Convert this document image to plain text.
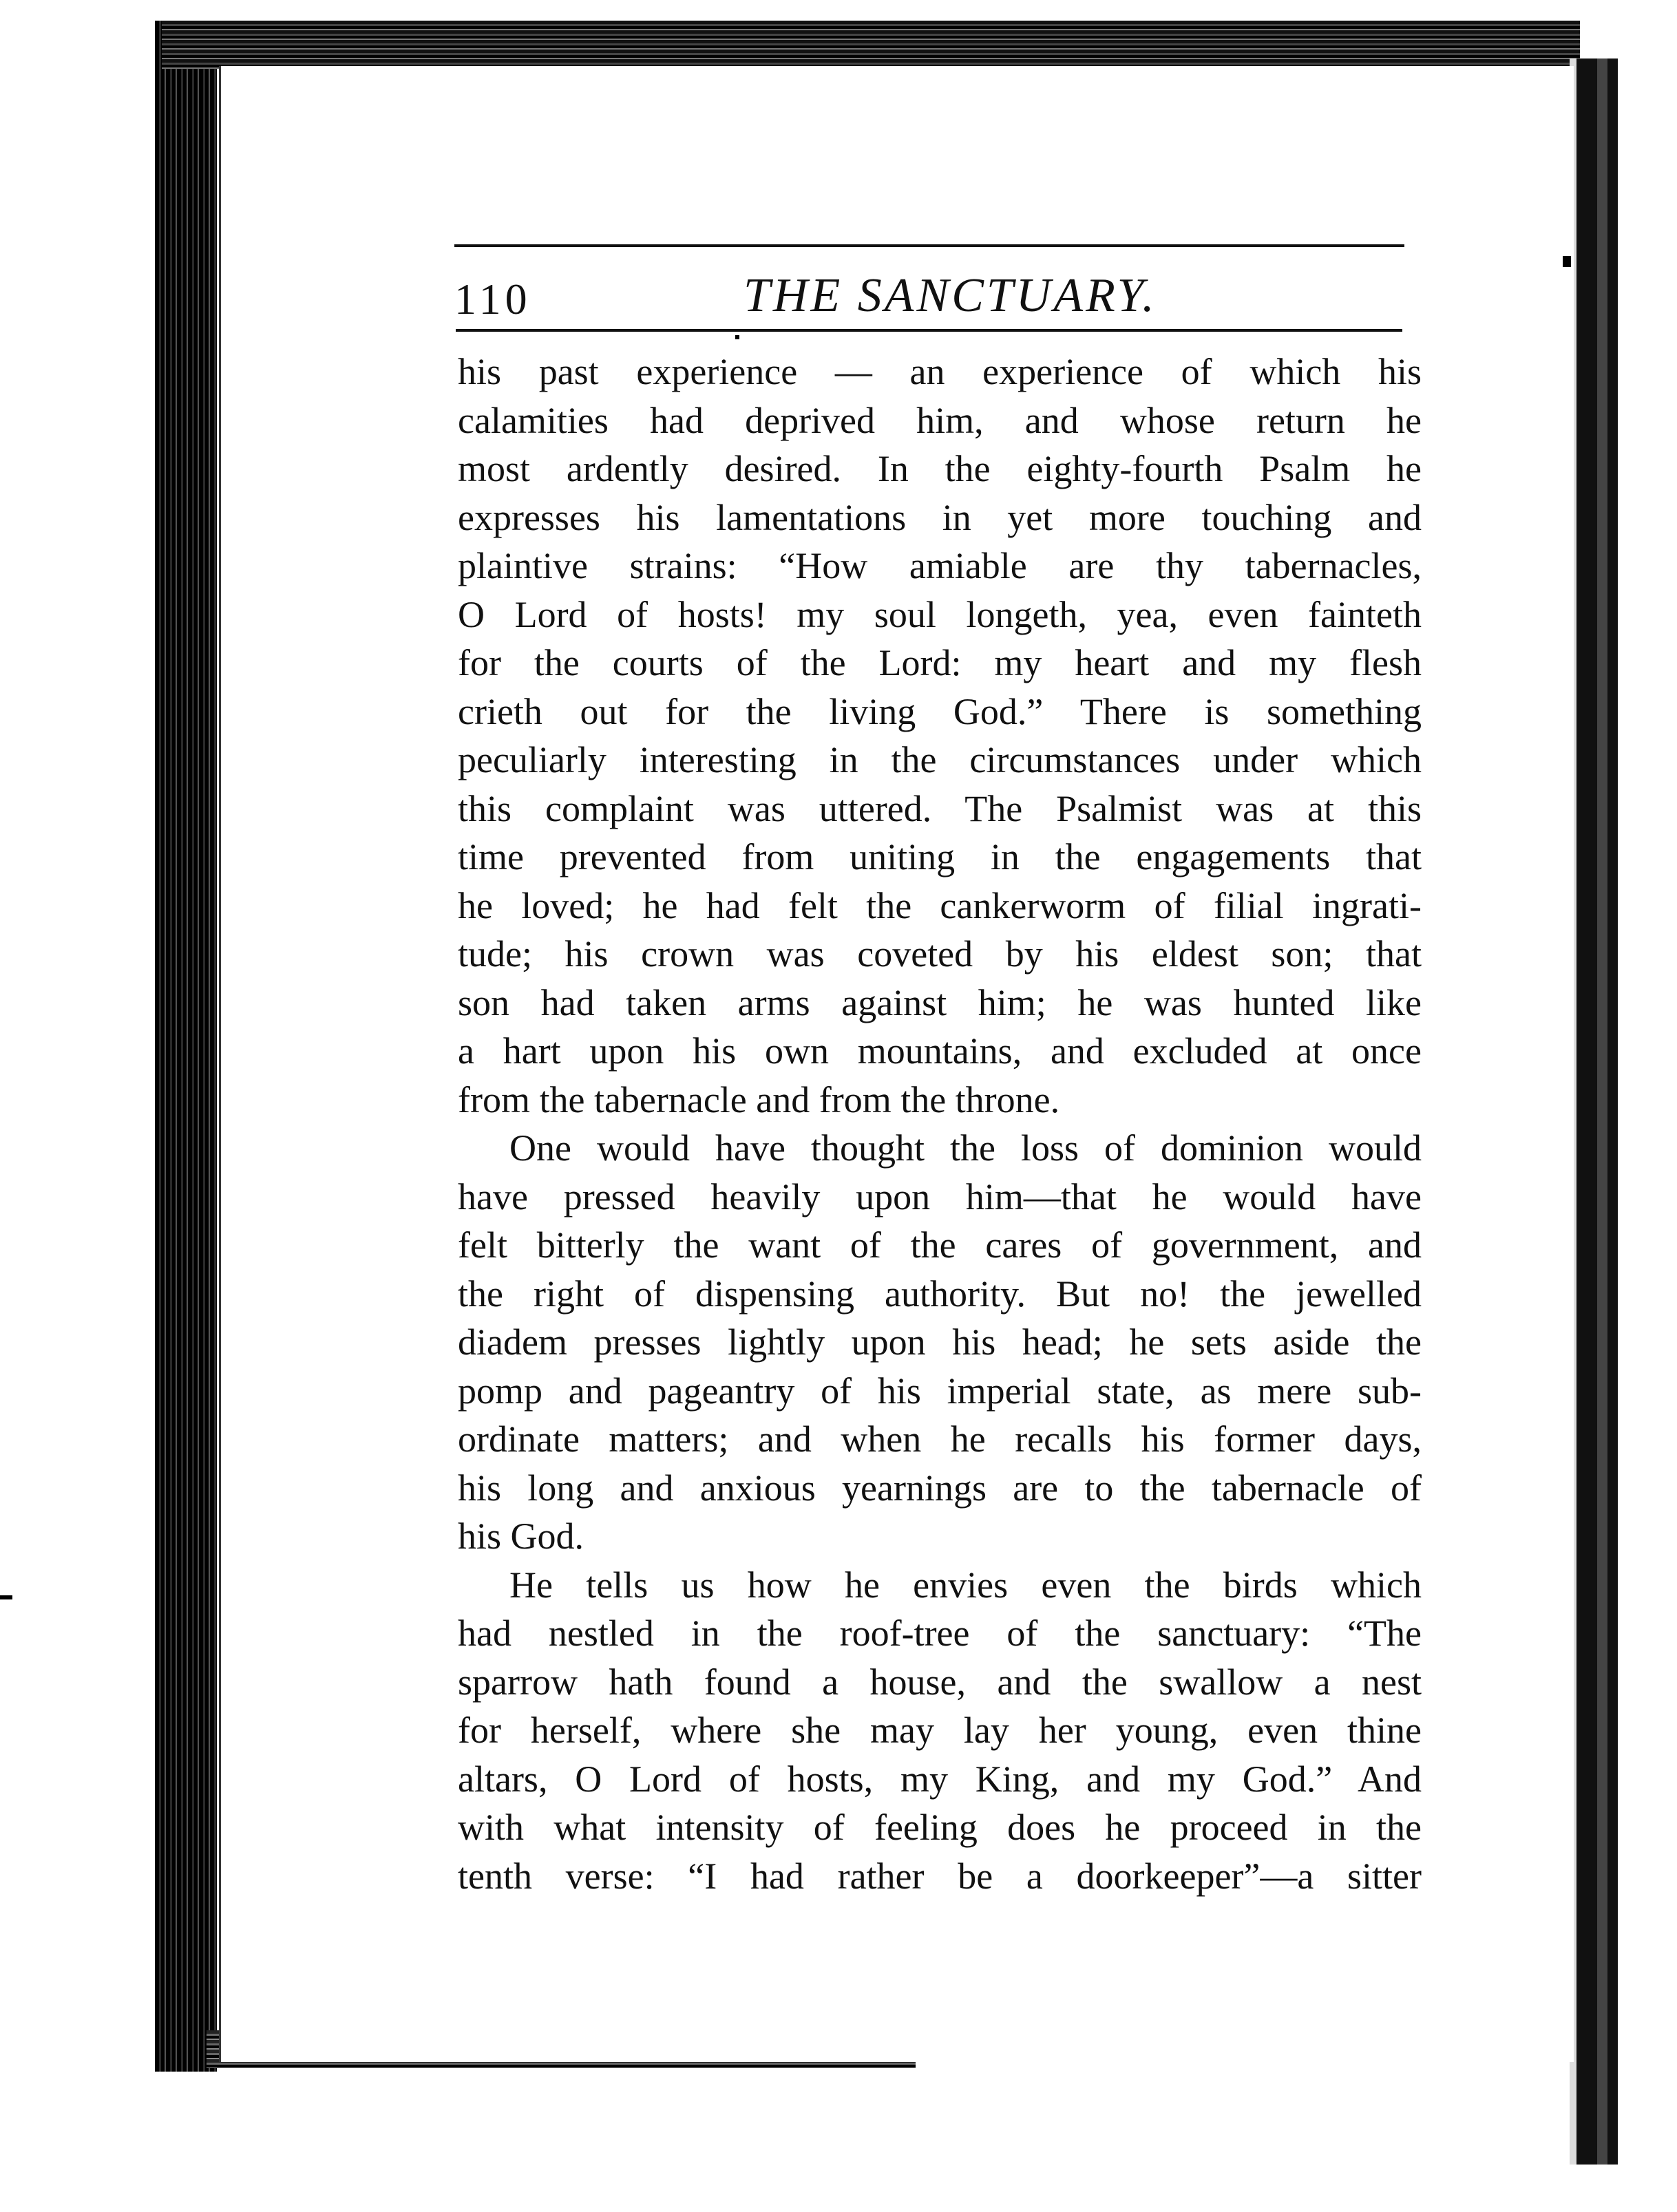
110	THE SANCTUARY.
his past experience — an experience of which his
calamities had deprived him, and whose return he
most ardently desired. In the eighty-fourth Psalm he
expresses his lamentations in yet more touching and
plaintive strains: “How amiable are thy tabernacles,
O Lord of hosts! my soul longeth, yea, even fainteth
for the courts of the Lord: my heart and my flesh
crieth out for the living God.” There is something
peculiarly interesting in the circumstances under which
this complaint was uttered. The Psalmist was at this
time prevented from uniting in the engagements that
he loved; he had felt the cankerworm of filial ingrati-
tude; his crown was coveted by his eldest son; that
son had taken arms against him; he was hunted like
a hart upon his own mountains, and excluded at once
from the tabernacle and from the throne.
One would have thought the loss of dominion would
have pressed heavily upon him—that he would have
felt bitterly the want of the cares of government, and
the right of dispensing authority. But no! the jewelled
diadem presses lightly upon his head; he sets aside the
pomp and pageantry of his imperial state, as mere sub-
ordinate matters; and when he recalls his former days,
his long and anxious yearnings are to the tabernacle of
his God.
He tells us how he envies even the birds which
had nestled in the roof-tree of the sanctuary: “The
sparrow hath found a house, and the swallow a nest
for herself, where she may lay her young, even thine
altars, O Lord of hosts, my King, and my God.” And
with what intensity of feeling does he proceed in the
tenth verse: “I had rather be a doorkeeper”—a sitter
